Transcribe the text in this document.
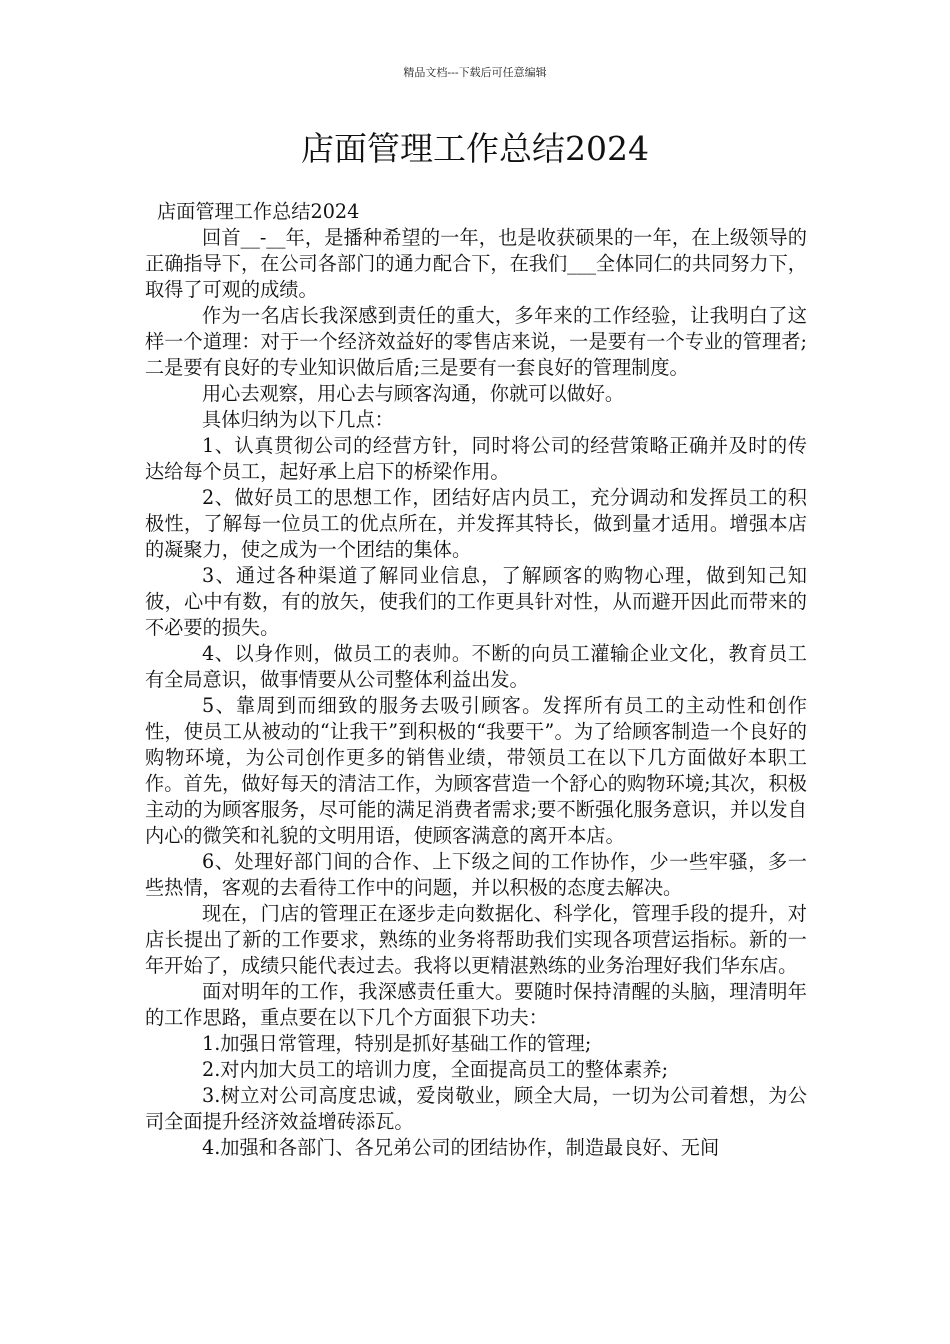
精品文档---下载后可任意编辑
店面管理工作总结2024

店面管理工作总结2024

回首__-__年，是播种希望的一年，也是收获硕果的一年，在上级领导的正确指导下，在公司各部门的通力配合下，在我们___全体同仁的共同努力下，取得了可观的成绩。

作为一名店长我深感到责任的重大，多年来的工作经验，让我明白了这样一个道理：对于一个经济效益好的零售店来说，一是要有一个专业的管理者;二是要有良好的专业知识做后盾;三是要有一套良好的管理制度。

用心去观察，用心去与顾客沟通，你就可以做好。

具体归纳为以下几点：

1、认真贯彻公司的经营方针，同时将公司的经营策略正确并及时的传达给每个员工，起好承上启下的桥梁作用。

2、做好员工的思想工作，团结好店内员工，充分调动和发挥员工的积极性，了解每一位员工的优点所在，并发挥其特长，做到量才适用。增强本店的凝聚力，使之成为一个团结的集体。

3、通过各种渠道了解同业信息，了解顾客的购物心理，做到知己知彼，心中有数，有的放矢，使我们的工作更具针对性，从而避开因此而带来的不必要的损失。

4、以身作则，做员工的表帅。不断的向员工灌输企业文化，教育员工有全局意识，做事情要从公司整体利益出发。

5、靠周到而细致的服务去吸引顾客。发挥所有员工的主动性和创作性，使员工从被动的“让我干”到积极的“我要干”。为了给顾客制造一个良好的购物环境，为公司创作更多的销售业绩，带领员工在以下几方面做好本职工作。首先，做好每天的清洁工作，为顾客营造一个舒心的购物环境;其次，积极主动的为顾客服务，尽可能的满足消费者需求;要不断强化服务意识，并以发自内心的微笑和礼貌的文明用语，使顾客满意的离开本店。

6、处理好部门间的合作、上下级之间的工作协作，少一些牢骚，多一些热情，客观的去看待工作中的问题，并以积极的态度去解决。

现在，门店的管理正在逐步走向数据化、科学化，管理手段的提升，对店长提出了新的工作要求，熟练的业务将帮助我们实现各项营运指标。新的一年开始了，成绩只能代表过去。我将以更精湛熟练的业务治理好我们华东店。

面对明年的工作，我深感责任重大。要随时保持清醒的头脑，理清明年的工作思路，重点要在以下几个方面狠下功夫：

1.加强日常管理，特别是抓好基础工作的管理;

2.对内加大员工的培训力度，全面提高员工的整体素养;

3.树立对公司高度忠诚，爱岗敬业，顾全大局，一切为公司着想，为公司全面提升经济效益增砖添瓦。

4.加强和各部门、各兄弟公司的团结协作，制造最良好、无间
